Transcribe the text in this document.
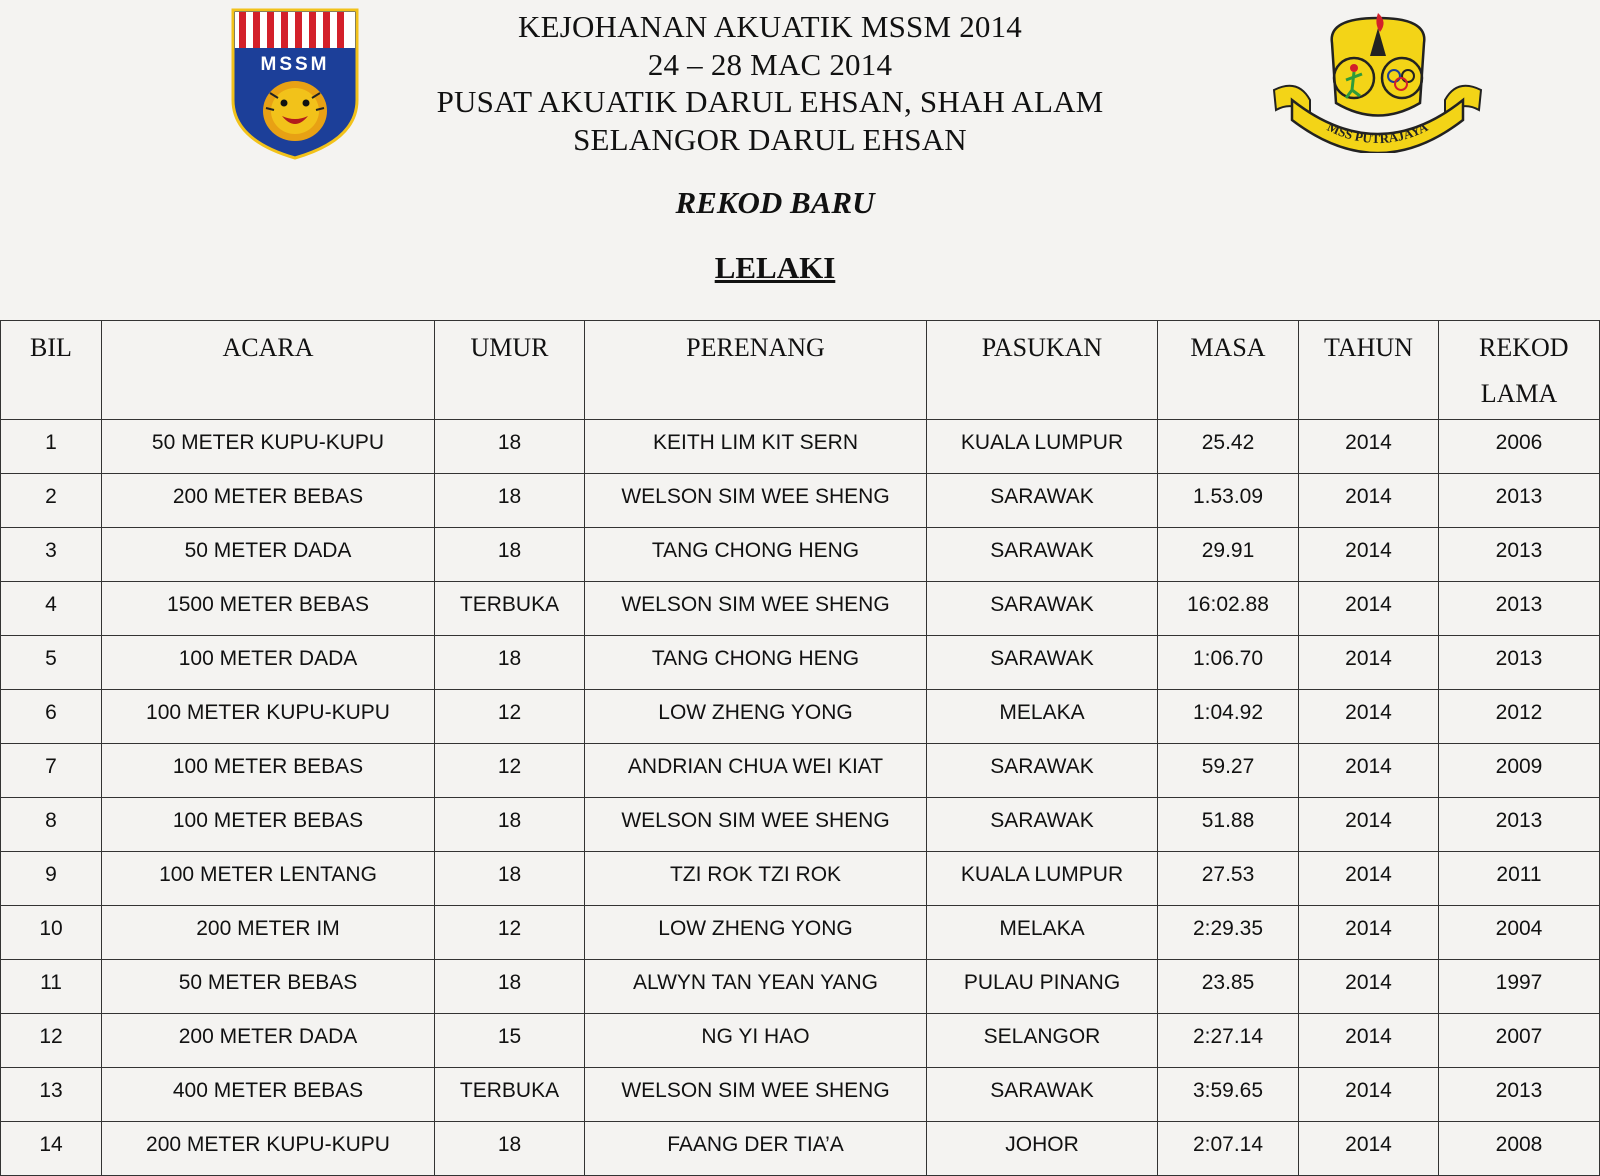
MSSM
KEJOHANAN AKUATIK MSSM 2014
24 – 28 MAC 2014
PUSAT AKUATIK DARUL EHSAN, SHAH ALAM
SELANGOR DARUL EHSAN	MSS PUTRAJAYA
REKOD BARU
LELAKI
BIL	ACARA	UMUR	PERENANG	PASUKAN	MASA	TAHUN	REKOD LAMA
1	50 METER KUPU-KUPU	18	KEITH LIM KIT SERN	KUALA LUMPUR	25.42	2014	2006
2	200 METER BEBAS	18	WELSON SIM WEE SHENG	SARAWAK	1.53.09	2014	2013
3	50 METER DADA	18	TANG CHONG HENG	SARAWAK	29.91	2014	2013
4	1500 METER BEBAS	TERBUKA	WELSON SIM WEE SHENG	SARAWAK	16:02.88	2014	2013
5	100 METER DADA	18	TANG CHONG HENG	SARAWAK	1:06.70	2014	2013
6	100 METER KUPU-KUPU	12	LOW ZHENG YONG	MELAKA	1:04.92	2014	2012
7	100 METER BEBAS	12	ANDRIAN CHUA WEI KIAT	SARAWAK	59.27	2014	2009
8	100 METER BEBAS	18	WELSON SIM WEE SHENG	SARAWAK	51.88	2014	2013
9	100 METER LENTANG	18	TZI ROK TZI ROK	KUALA LUMPUR	27.53	2014	2011
10	200 METER IM	12	LOW ZHENG YONG	MELAKA	2:29.35	2014	2004
11	50 METER BEBAS	18	ALWYN TAN YEAN YANG	PULAU PINANG	23.85	2014	1997
12	200 METER DADA	15	NG YI HAO	SELANGOR	2:27.14	2014	2007
13	400 METER BEBAS	TERBUKA	WELSON SIM WEE SHENG	SARAWAK	3:59.65	2014	2013
14	200 METER KUPU-KUPU	18	FAANG DER TIA’A	JOHOR	2:07.14	2014	2008
